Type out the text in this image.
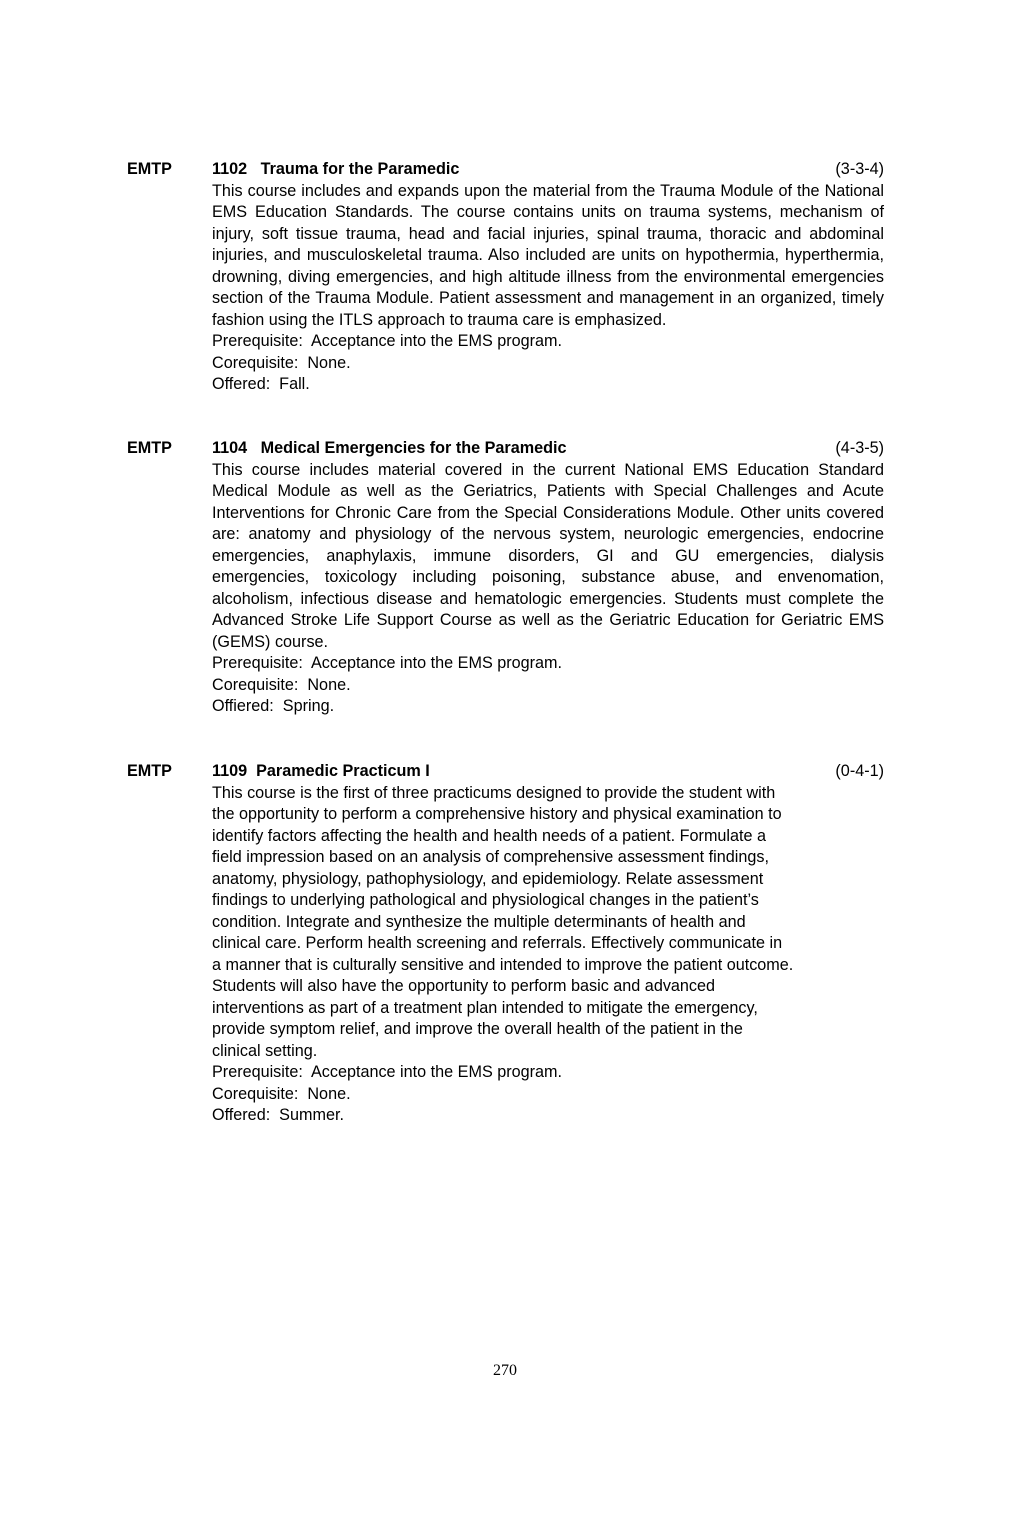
EMTP 1102   Trauma for the Paramedic	(3-3-4)

This course includes and expands upon the material from the Trauma Module of the National EMS Education Standards. The course contains units on trauma systems, mechanism of injury, soft tissue trauma, head and facial injuries, spinal trauma, thoracic and abdominal injuries, and musculoskeletal trauma. Also included are units on hypothermia, hyperthermia, drowning, diving emergencies, and high altitude illness from the environmental emergencies section of the Trauma Module. Patient assessment and management in an organized, timely fashion using the ITLS approach to trauma care is emphasized.

Prerequisite:  Acceptance into the EMS program.

Corequisite:  None.

Offered:  Fall.

EMTP 1104   Medical Emergencies for the Paramedic	(4-3-5)

This course includes material covered in the current National EMS Education Standard Medical Module as well as the Geriatrics, Patients with Special Challenges and Acute Interventions for Chronic Care from the Special Considerations Module. Other units covered are: anatomy and physiology of the nervous system, neurologic emergencies, endocrine emergencies, anaphylaxis, immune disorders, GI and GU emergencies, dialysis emergencies, toxicology including poisoning, substance abuse, and envenomation, alcoholism, infectious disease and hematologic emergencies. Students must complete the Advanced Stroke Life Support Course as well as the Geriatric Education for Geriatric EMS (GEMS) course.

Prerequisite:  Acceptance into the EMS program.

Corequisite:  None.

Offiered:  Spring.

EMTP 1109  Paramedic Practicum I	(0-4-1)

This course is the first of three practicums designed to provide the student with

the opportunity to perform a comprehensive history and physical examination to

identify factors affecting the health and health needs of a patient. Formulate a

field impression based on an analysis of comprehensive assessment findings,

anatomy, physiology, pathophysiology, and epidemiology. Relate assessment

findings to underlying pathological and physiological changes in the patient’s

condition. Integrate and synthesize the multiple determinants of health and

clinical care. Perform health screening and referrals. Effectively communicate in

a manner that is culturally sensitive and intended to improve the patient outcome.

Students will also have the opportunity to perform basic and advanced

interventions as part of a treatment plan intended to mitigate the emergency,

provide symptom relief, and improve the overall health of the patient in the

clinical setting.

Prerequisite:  Acceptance into the EMS program.

Corequisite:  None.

Offered:  Summer.

270
